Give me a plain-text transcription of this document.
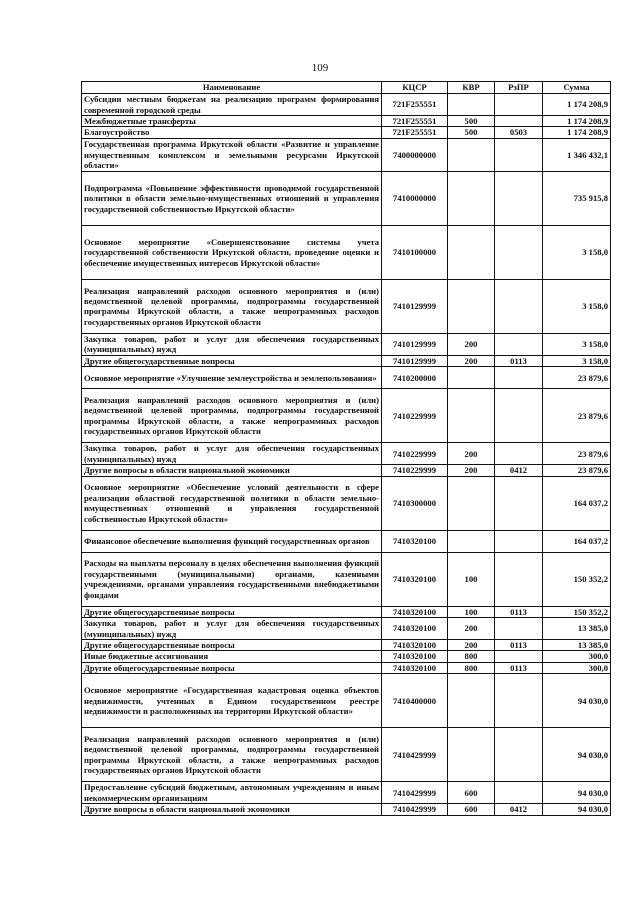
109
Наименование	КЦСР	КВР	РзПР	Сумма
Субсидии местным бюджетам на реализацию программ формирования современной городской среды	721F255551			1 174 208,9
Межбюджетные трансферты	721F255551	500		1 174 208,9
Благоустройство	721F255551	500	0503	1 174 208,9
Государственная программа Иркутской области «Развитие и управление имущественным комплексом и земельными ресурсами Иркутской области»	7400000000			1 346 432,1
Подпрограмма «Повышение эффективности проводимой государственной политики в области земельно-имущественных отношений и управления государственной собственностью Иркутской области»	7410000000			735 915,8
Основное мероприятие «Совершенствование системы учета государственной собственности Иркутской области, проведение оценки и обеспечение имущественных интересов Иркутской области»	7410100000			3 158,0
Реализация направлений расходов основного мероприятия и (или) ведомственной целевой программы, подпрограммы государственной программы Иркутской области, а также непрограммных расходов государственных органов Иркутской области	7410129999			3 158,0
Закупка товаров, работ и услуг для обеспечения государственных (муниципальных) нужд	7410129999	200		3 158,0
Другие общегосударственные вопросы	7410129999	200	0113	3 158,0
Основное мероприятие «Улучшение землеустройства и землепользования»	7410200000			23 879,6
Реализация направлений расходов основного мероприятия и (или) ведомственной целевой программы, подпрограммы государственной программы Иркутской области, а также непрограммных расходов государственных органов Иркутской области	7410229999			23 879,6
Закупка товаров, работ и услуг для обеспечения государственных (муниципальных) нужд	7410229999	200		23 879,6
Другие вопросы в области национальной экономики	7410229999	200	0412	23 879,6
Основное мероприятие «Обеспечение условий деятельности в сфере реализации областной государственной политики в области земельно-имущественных отношений и управления государственной собственностью Иркутской области»	7410300000			164 037,2
Финансовое обеспечение выполнения функций государственных органов	7410320100			164 037,2
Расходы на выплаты персоналу в целях обеспечения выполнения функций государственными (муниципальными) органами, казенными учреждениями, органами управления государственными внебюджетными фондами	7410320100	100		150 352,2
Другие общегосударственные вопросы	7410320100	100	0113	150 352,2
Закупка товаров, работ и услуг для обеспечения государственных (муниципальных) нужд	7410320100	200		13 385,0
Другие общегосударственные вопросы	7410320100	200	0113	13 385,0
Иные бюджетные ассигнования	7410320100	800		300,0
Другие общегосударственные вопросы	7410320100	800	0113	300,0
Основное мероприятие «Государственная кадастровая оценка объектов недвижимости, учтенных в Едином государственном реестре недвижимости и расположенных на территории Иркутской области»	7410400000			94 030,0
Реализация направлений расходов основного мероприятия и (или) ведомственной целевой программы, подпрограммы государственной программы Иркутской области, а также непрограммных расходов государственных органов Иркутской области	7410429999			94 030,0
Предоставление субсидий бюджетным, автономным учреждениям и иным некоммерческим организациям	7410429999	600		94 030,0
Другие вопросы в области национальной экономики	7410429999	600	0412	94 030,0
